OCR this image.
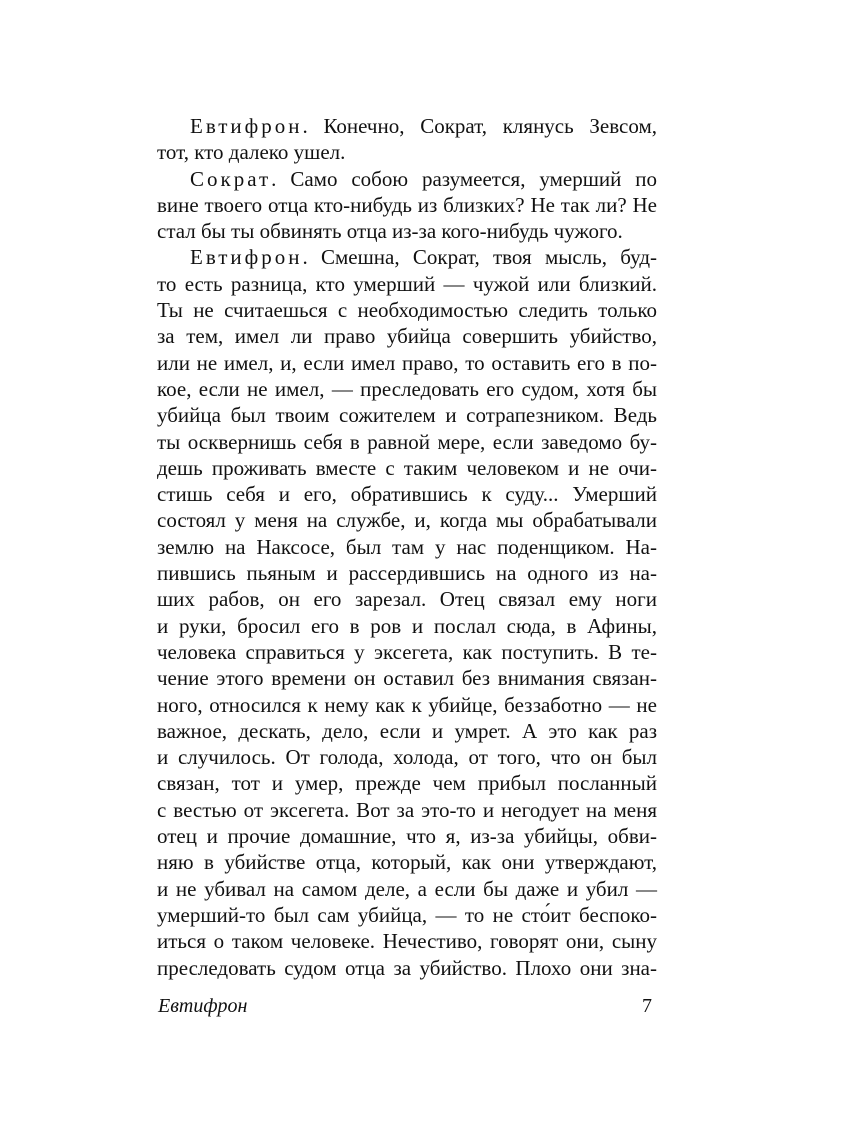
Евтифрон. Конечно, Сократ, клянусь Зевсом,
тот, кто далеко ушел.
Сократ. Само собою разумеется, умерший по
вине твоего отца кто-нибудь из близких? Не так ли? Не
стал бы ты обвинять отца из-за кого-нибудь чужого.
Евтифрон. Смешна, Сократ, твоя мысль, буд-
то есть разница, кто умерший — чужой или близкий.
Ты не считаешься с необходимостью следить только
за тем, имел ли право убийца совершить убийство,
или не имел, и, если имел право, то оставить его в по-
кое, если не имел, — преследовать его судом, хотя бы
убийца был твоим сожителем и сотрапезником. Ведь
ты осквернишь себя в равной мере, если заведомо бу-
дешь проживать вместе с таким человеком и не очи-
стишь себя и его, обратившись к суду... Умерший
состоял у меня на службе, и, когда мы обрабатывали
землю на Наксосе, был там у нас поденщиком. На-
пившись пьяным и рассердившись на одного из на-
ших рабов, он его зарезал. Отец связал ему ноги
и руки, бросил его в ров и послал сюда, в Афины,
человека справиться у эксегета, как поступить. В те-
чение этого времени он оставил без внимания связан-
ного, относился к нему как к убийце, беззаботно — не
важное, дескать, дело, если и умрет. А это как раз
и случилось. От голода, холода, от того, что он был
связан, тот и умер, прежде чем прибыл посланный
с вестью от эксегета. Вот за это-то и негодует на меня
отец и прочие домашние, что я, из-за убийцы, обви-
няю в убийстве отца, который, как они утверждают,
и не убивал на самом деле, а если бы даже и убил —
умерший-то был сам убийца, — то не сто́ит беспоко-
иться о таком человеке. Нечестиво, говорят они, сыну
преследовать судом отца за убийство. Плохо они зна-
Евтифрон	7
